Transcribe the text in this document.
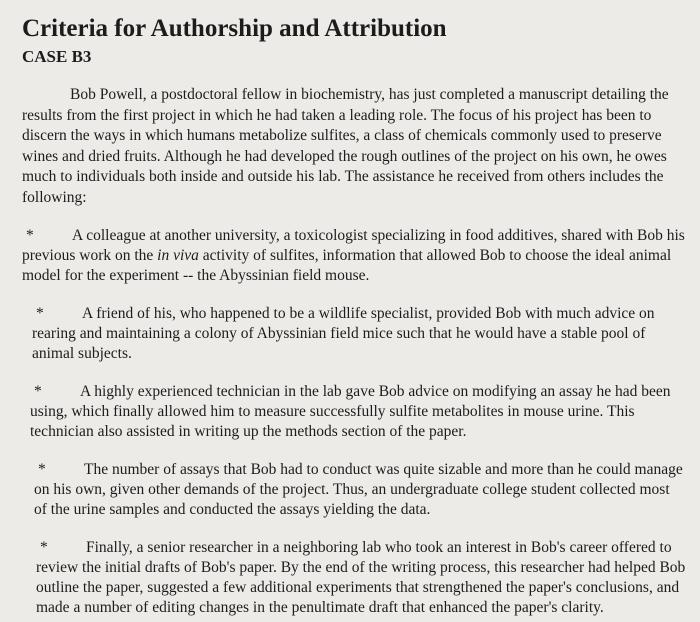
Criteria for Authorship and Attribution
CASE B3

Bob Powell, a postdoctoral fellow in biochemistry, has just completed a manuscript detailing the results from the first project in which he had taken a leading role. The focus of his project has been to discern the ways in which humans metabolize sulfites, a class of chemicals commonly used to preserve wines and dried fruits. Although he had developed the rough outlines of the project on his own, he owes much to individuals both inside and outside his lab. The assistance he received from others includes the following:

* A colleague at another university, a toxicologist specializing in food additives, shared with Bob his previous work on the in viva activity of sulfites, information that allowed Bob to choose the ideal animal model for the experiment -- the Abyssinian field mouse.

* A friend of his, who happened to be a wildlife specialist, provided Bob with much advice on rearing and maintaining a colony of Abyssinian field mice such that he would have a stable pool of animal subjects.

* A highly experienced technician in the lab gave Bob advice on modifying an assay he had been using, which finally allowed him to measure successfully sulfite metabolites in mouse urine. This technician also assisted in writing up the methods section of the paper.

* The number of assays that Bob had to conduct was quite sizable and more than he could manage on his own, given other demands of the project. Thus, an undergraduate college student collected most of the urine samples and conducted the assays yielding the data.

* Finally, a senior researcher in a neighboring lab who took an interest in Bob's career offered to review the initial drafts of Bob's paper. By the end of the writing process, this researcher had helped Bob outline the paper, suggested a few additional experiments that strengthened the paper's conclusions, and made a number of editing changes in the penultimate draft that enhanced the paper's clarity.
